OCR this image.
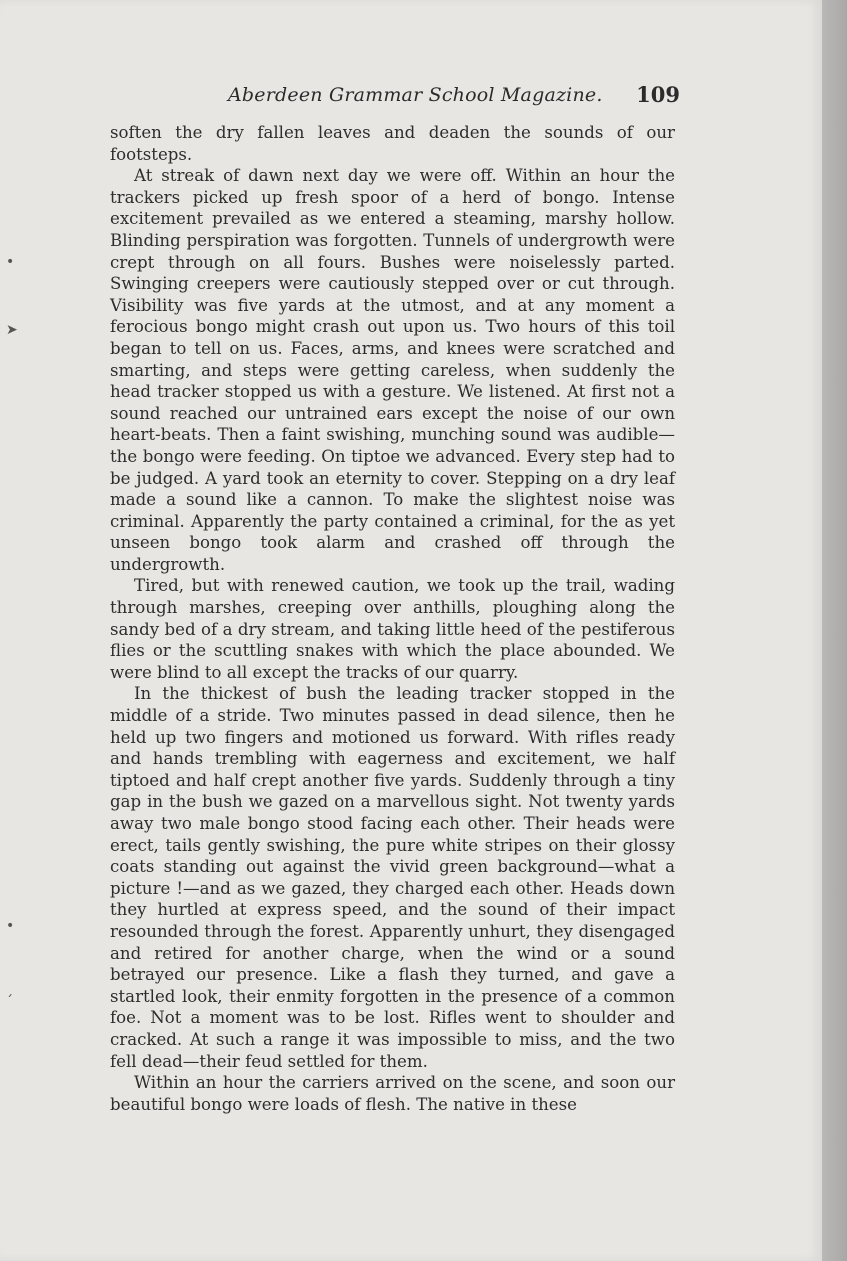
Aberdeen Grammar School Magazine. 109

soften the dry fallen leaves and deaden the sounds of our footsteps.

At streak of dawn next day we were off. Within an hour the trackers picked up fresh spoor of a herd of bongo. Intense excitement prevailed as we entered a steaming, marshy hollow. Blinding perspiration was forgotten. Tunnels of undergrowth were crept through on all fours. Bushes were noiselessly parted. Swinging creepers were cautiously stepped over or cut through. Visibility was five yards at the utmost, and at any moment a ferocious bongo might crash out upon us. Two hours of this toil began to tell on us. Faces, arms, and knees were scratched and smarting, and steps were getting careless, when suddenly the head tracker stopped us with a gesture. We listened. At first not a sound reached our untrained ears except the noise of our own heart-beats. Then a faint swishing, munching sound was audible—the bongo were feeding. On tiptoe we advanced. Every step had to be judged. A yard took an eternity to cover. Stepping on a dry leaf made a sound like a cannon. To make the slightest noise was criminal. Apparently the party contained a criminal, for the as yet unseen bongo took alarm and crashed off through the undergrowth.

Tired, but with renewed caution, we took up the trail, wading through marshes, creeping over anthills, ploughing along the sandy bed of a dry stream, and taking little heed of the pestiferous flies or the scuttling snakes with which the place abounded. We were blind to all except the tracks of our quarry.

In the thickest of bush the leading tracker stopped in the middle of a stride. Two minutes passed in dead silence, then he held up two fingers and motioned us forward. With rifles ready and hands trembling with eagerness and excitement, we half tiptoed and half crept another five yards. Suddenly through a tiny gap in the bush we gazed on a marvellous sight. Not twenty yards away two male bongo stood facing each other. Their heads were erect, tails gently swishing, the pure white stripes on their glossy coats standing out against the vivid green background—what a picture !—and as we gazed, they charged each other. Heads down they hurtled at express speed, and the sound of their impact resounded through the forest. Apparently unhurt, they disengaged and retired for another charge, when the wind or a sound betrayed our presence. Like a flash they turned, and gave a startled look, their enmity forgotten in the presence of a common foe. Not a moment was to be lost. Rifles went to shoulder and cracked. At such a range it was impossible to miss, and the two fell dead—their feud settled for them.

Within an hour the carriers arrived on the scene, and soon our beautiful bongo were loads of flesh. The native in these

•
➤
•
ˊ
